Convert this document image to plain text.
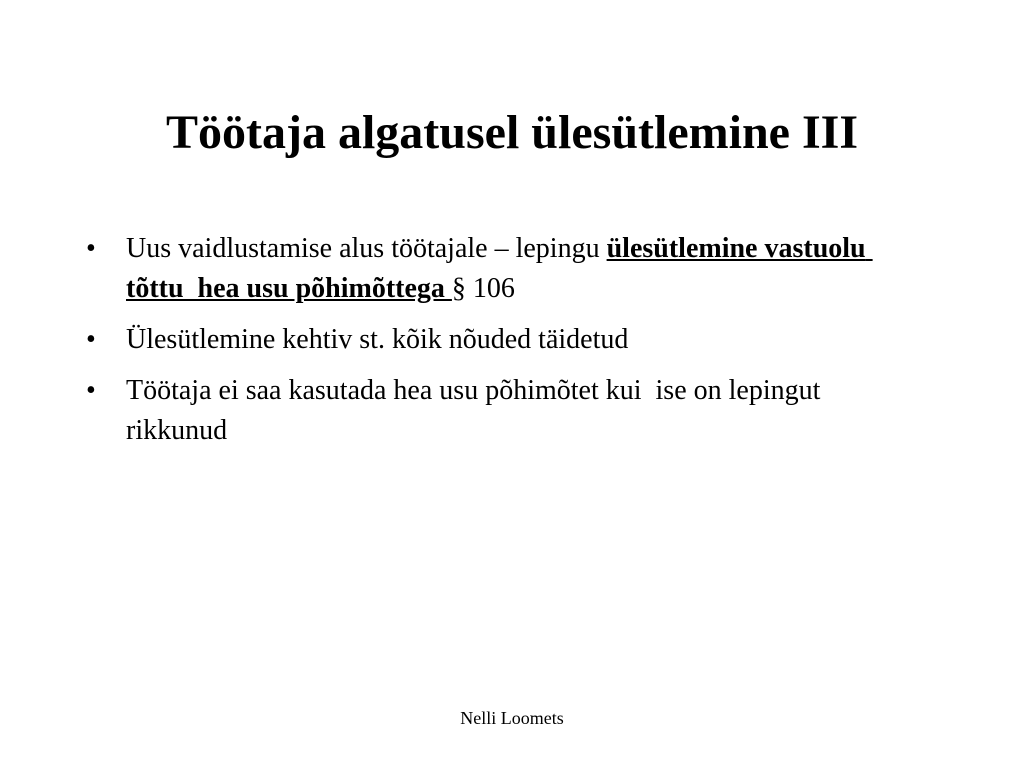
Töötaja algatusel ülesütlemine III
• Uus vaidlustamise alus töötajale – lepingu ülesütlemine vastuolu tõttu  hea usu põhimõttega § 106
• Ülesütlemine kehtiv st. kõik nõuded täidetud
• Töötaja ei saa kasutada hea usu põhimõtet kui  ise on lepingut rikkunud
Nelli Loomets
